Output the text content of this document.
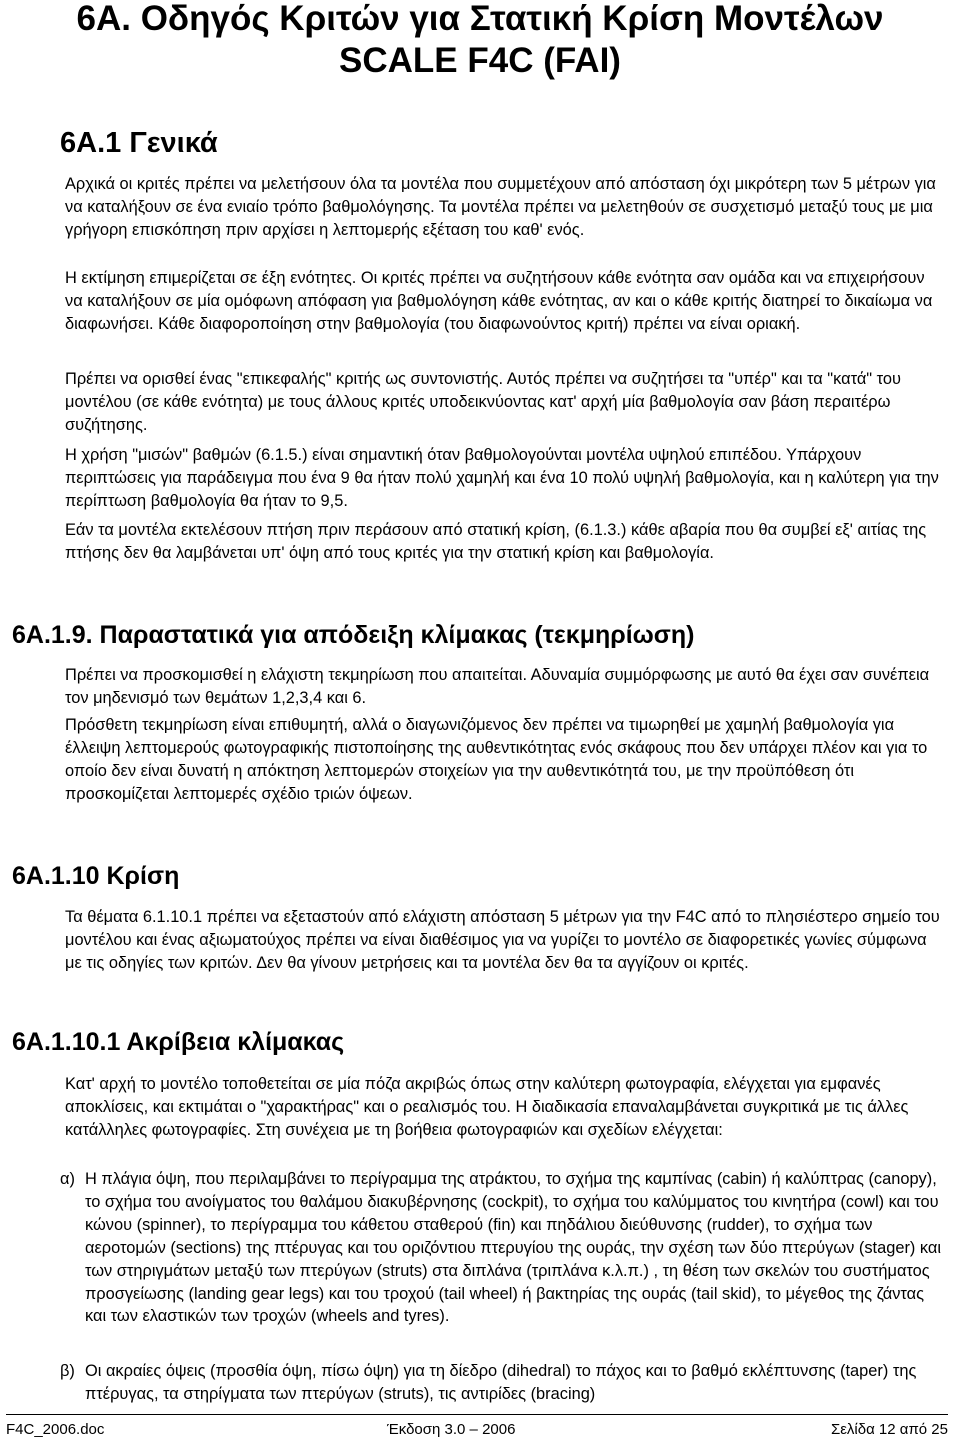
6Α. Οδηγός Κριτών για Στατική Κρίση Μοντέλων
SCALE F4C (FAI)
6Α.1 Γενικά

Αρχικά οι κριτές πρέπει να μελετήσουν όλα τα μοντέλα που συμμετέχουν από απόσταση όχι μικρότερη των 5 μέτρων για να καταλήξουν σε ένα ενιαίο τρόπο βαθμολόγησης. Τα μοντέλα πρέπει να μελετηθούν σε συσχετισμό μεταξύ τους με μια γρήγορη επισκόπηση πριν αρχίσει η λεπτομερής εξέταση του καθ' ενός.

Η εκτίμηση επιμερίζεται σε έξη ενότητες. Οι κριτές πρέπει να συζητήσουν κάθε ενότητα σαν ομάδα και να επιχειρήσουν να καταλήξουν σε μία ομόφωνη απόφαση για βαθμολόγηση κάθε ενότητας, αν και ο κάθε κριτής διατηρεί το δικαίωμα να διαφωνήσει. Κάθε διαφοροποίηση στην βαθμολογία (του διαφωνούντος κριτή) πρέπει να είναι οριακή.

Πρέπει να ορισθεί ένας "επικεφαλής" κριτής ως συντονιστής. Αυτός πρέπει να συζητήσει τα "υπέρ" και τα "κατά" του μοντέλου (σε κάθε ενότητα) με τους άλλους κριτές υποδεικνύοντας κατ' αρχή μία βαθμολογία σαν βάση περαιτέρω συζήτησης.

Η χρήση "μισών" βαθμών (6.1.5.) είναι σημαντική όταν βαθμολογούνται μοντέλα υψηλού επιπέδου. Υπάρχουν περιπτώσεις για παράδειγμα που ένα 9 θα ήταν πολύ χαμηλή και ένα 10 πολύ υψηλή βαθμολογία, και η καλύτερη για την περίπτωση βαθμολογία θα ήταν το 9,5.

Εάν τα μοντέλα εκτελέσουν πτήση πριν περάσουν από στατική κρίση, (6.1.3.) κάθε αβαρία που θα συμβεί εξ' αιτίας της πτήσης δεν θα λαμβάνεται υπ' όψη από τους κριτές για την στατική κρίση και βαθμολογία.

6Α.1.9. Παραστατικά για απόδειξη κλίμακας (τεκμηρίωση)

Πρέπει να προσκομισθεί η ελάχιστη τεκμηρίωση που απαιτείται. Αδυναμία συμμόρφωσης με αυτό θα έχει σαν συνέπεια τον μηδενισμό των θεμάτων 1,2,3,4 και 6.

Πρόσθετη τεκμηρίωση είναι επιθυμητή, αλλά ο διαγωνιζόμενος δεν πρέπει να τιμωρηθεί με χαμηλή βαθμολογία για έλλειψη λεπτομερούς φωτογραφικής πιστοποίησης της αυθεντικότητας ενός σκάφους που δεν υπάρχει πλέον και για το οποίο δεν είναι δυνατή η απόκτηση λεπτομερών στοιχείων για την αυθεντικότητά του, με την προϋπόθεση ότι προσκομίζεται λεπτομερές σχέδιο τριών όψεων.

6Α.1.10 Κρίση

Τα θέματα 6.1.10.1 πρέπει να εξεταστούν από ελάχιστη απόσταση 5 μέτρων για την F4C από το πλησιέστερο σημείο του μοντέλου και ένας αξιωματούχος πρέπει να είναι διαθέσιμος για να γυρίζει το μοντέλο σε διαφορετικές γωνίες σύμφωνα με τις οδηγίες των κριτών. Δεν θα γίνουν μετρήσεις και τα μοντέλα δεν θα τα αγγίζουν οι κριτές.

6Α.1.10.1 Ακρίβεια κλίμακας

Κατ' αρχή το μοντέλο τοποθετείται σε μία πόζα ακριβώς όπως στην καλύτερη φωτογραφία, ελέγχεται για εμφανές αποκλίσεις, και εκτιμάται ο "χαρακτήρας" και ο ρεαλισμός του. Η διαδικασία επαναλαμβάνεται συγκριτικά με τις άλλες κατάλληλες φωτογραφίες. Στη συνέχεια με τη βοήθεια φωτογραφιών και σχεδίων ελέγχεται:

α) Η πλάγια όψη, που περιλαμβάνει το περίγραμμα της ατράκτου, το σχήμα της καμπίνας (cabin) ή καλύπτρας (canopy), το σχήμα του ανοίγματος του θαλάμου διακυβέρνησης (cockpit), το σχήμα του καλύμματος του κινητήρα (cowl) και του κώνου (spinner), το περίγραμμα του κάθετου σταθερού (fin) και πηδάλιου διεύθυνσης (rudder), το σχήμα των αεροτομών (sections) της πτέρυγας και του οριζόντιου πτερυγίου της ουράς, την σχέση των δύο πτερύγων (stager) και των στηριγμάτων μεταξύ των πτερύγων (struts) στα διπλάνα (τριπλάνα κ.λ.π.) , τη θέση των σκελών του συστήματος προσγείωσης (landing gear legs) και του τροχού (tail wheel) ή βακτηρίας της ουράς (tail skid), το μέγεθος της ζάντας και των ελαστικών των τροχών (wheels and tyres).
β) Οι ακραίες όψεις (προσθία όψη, πίσω όψη) για τη δίεδρο (dihedral) το πάχος και το βαθμό εκλέπτυνσης (taper) της πτέρυγας, τα στηρίγματα των πτερύγων (struts), τις αντιρίδες (bracing)
F4C_2006.doc	Έκδοση 3.0 – 2006	Σελίδα 12 από 25
